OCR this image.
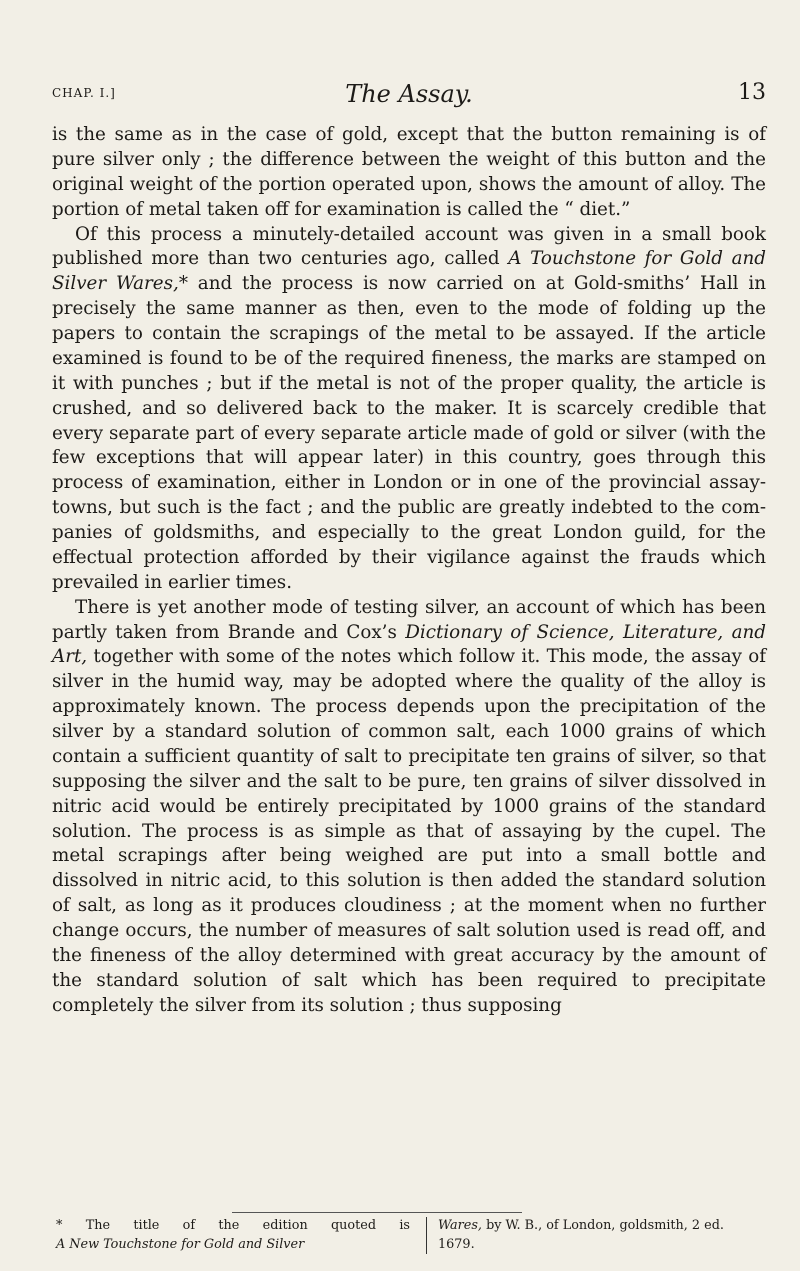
CHAP. I.]	The Assay.	13

is the same as in the case of gold, except that the button remaining is of pure silver only ; the difference between the weight of this button and the original weight of the portion operated upon, shows the amount of alloy. The portion of metal taken off for examination is called the “ diet.”

Of this process a minutely-detailed account was given in a small book published more than two centuries ago, called A Touchstone for Gold and Silver Wares,* and the process is now carried on at Gold-smiths’ Hall in precisely the same manner as then, even to the mode of folding up the papers to contain the scrapings of the metal to be assayed. If the article examined is found to be of the required fineness, the marks are stamped on it with punches ; but if the metal is not of the proper quality, the article is crushed, and so delivered back to the maker. It is scarcely credible that every separate part of every separate article made of gold or silver (with the few exceptions that will appear later) in this country, goes through this process of examination, either in London or in one of the provincial assay-towns, but such is the fact ; and the public are greatly indebted to the com-panies of goldsmiths, and especially to the great London guild, for the effectual protection afforded by their vigilance against the frauds which prevailed in earlier times.

There is yet another mode of testing silver, an account of which has been partly taken from Brande and Cox’s Dictionary of Science, Literature, and Art, together with some of the notes which follow it. This mode, the assay of silver in the humid way, may be adopted where the quality of the alloy is approximately known. The process depends upon the precipitation of the silver by a standard solution of common salt, each 1000 grains of which contain a sufficient quantity of salt to precipitate ten grains of silver, so that supposing the silver and the salt to be pure, ten grains of silver dissolved in nitric acid would be entirely precipitated by 1000 grains of the standard solution. The process is as simple as that of assaying by the cupel. The metal scrapings after being weighed are put into a small bottle and dissolved in nitric acid, to this solution is then added the standard solution of salt, as long as it produces cloudiness ; at the moment when no further change occurs, the number of measures of salt solution used is read off, and the fineness of the alloy determined with great accuracy by the amount of the standard solution of salt which has been required to precipitate completely the silver from its solution ; thus supposing

* The title of the edition quoted is
A New Touchstone for Gold and Silver
Wares, by W. B., of London, goldsmith, 2 ed.
1679.
